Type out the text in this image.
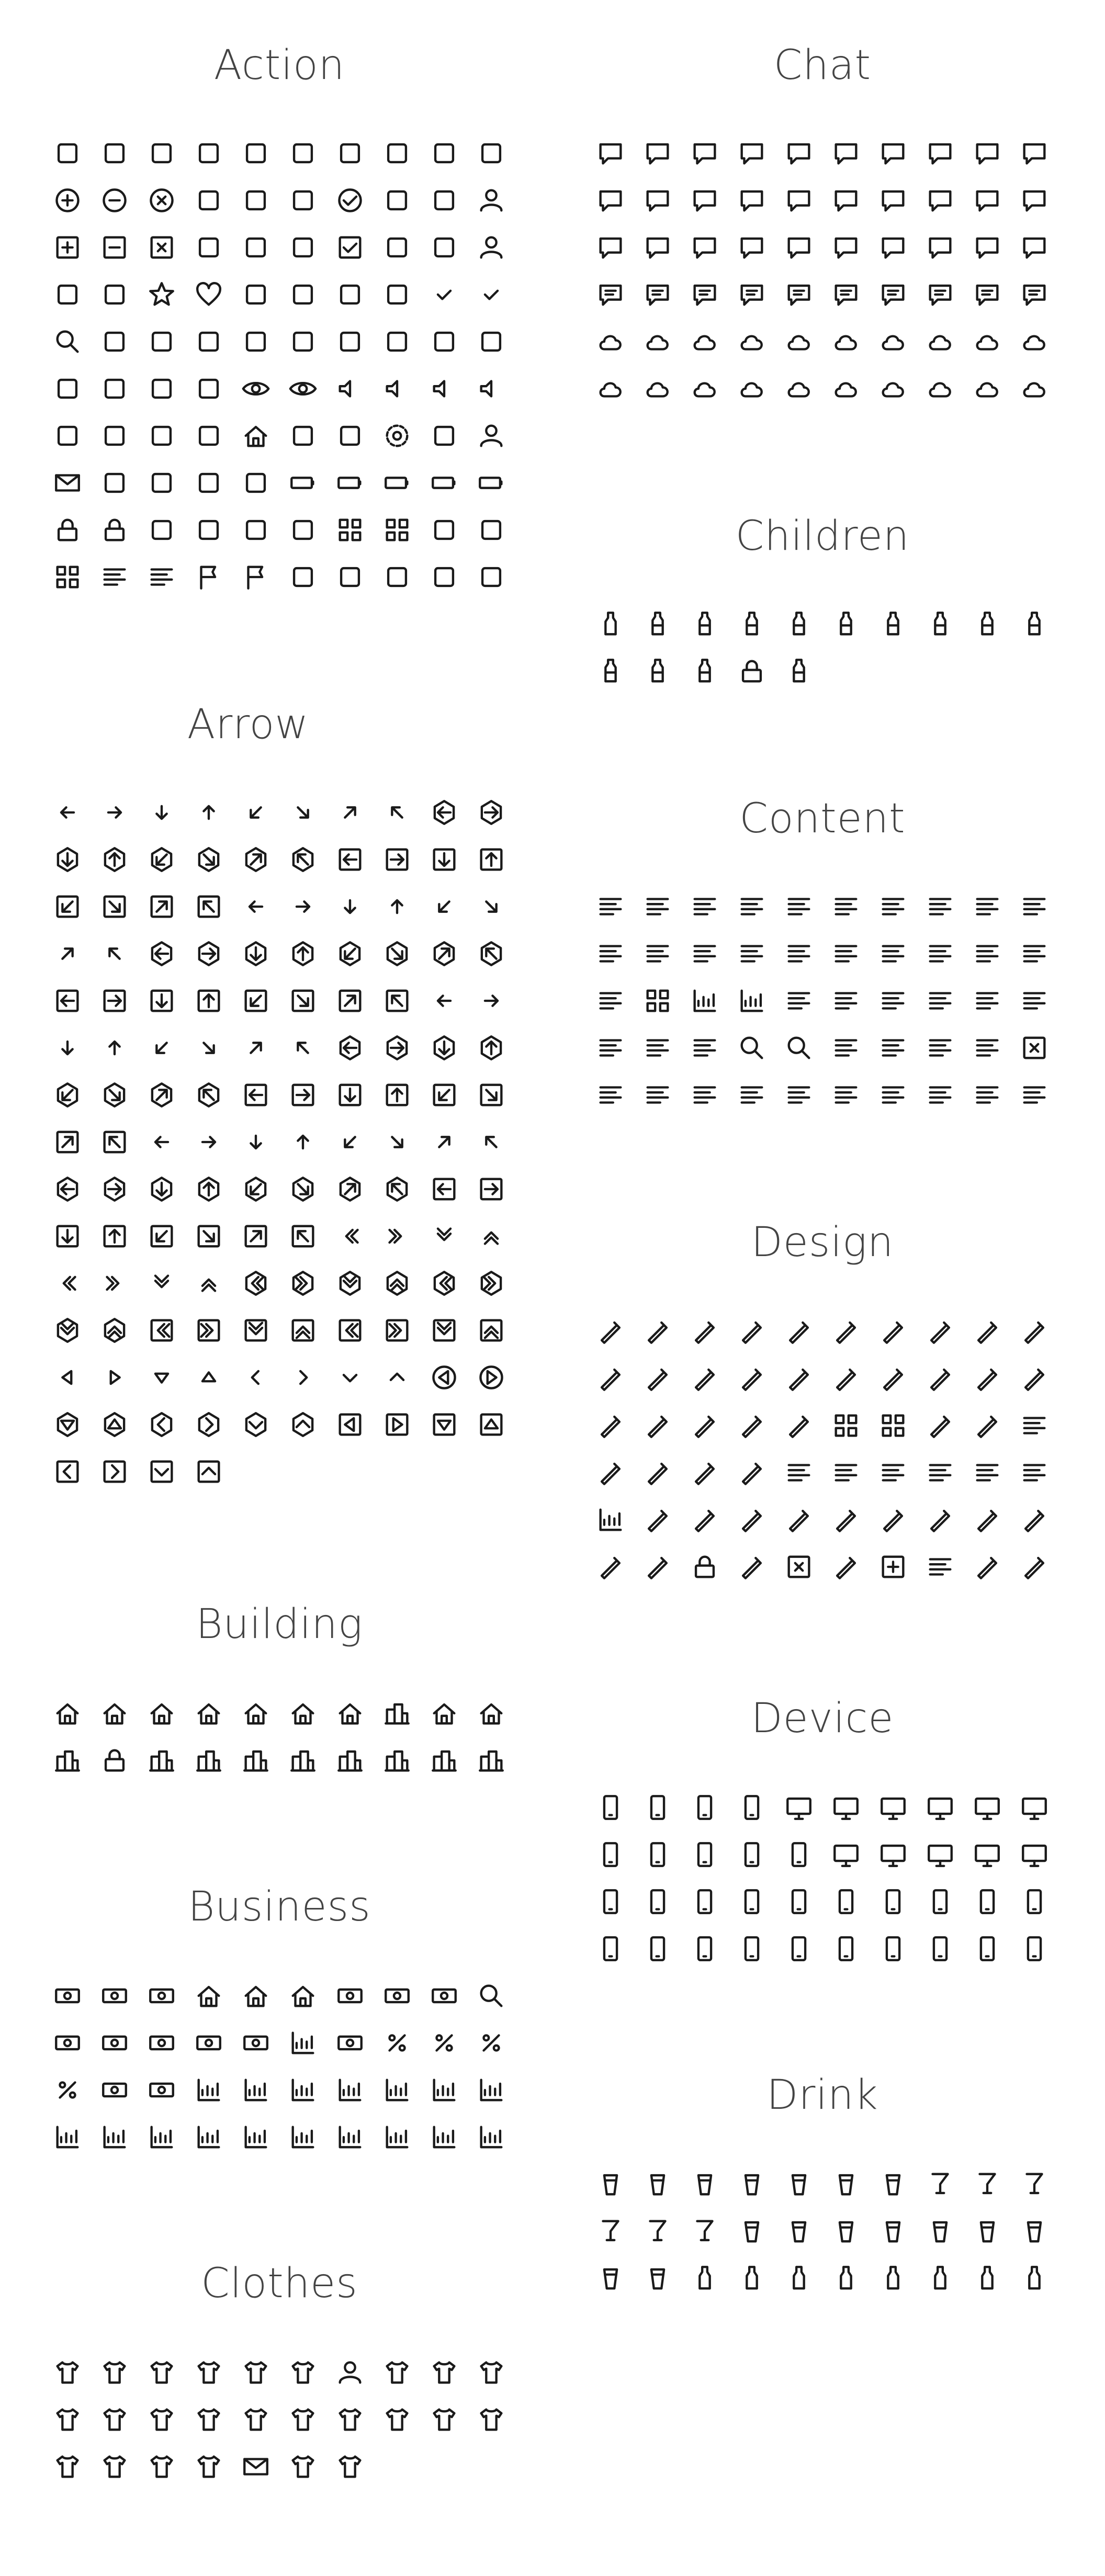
Action
Arrow
Building
Business
Clothes
Chat
Children
Content
Design
Device
Drink
